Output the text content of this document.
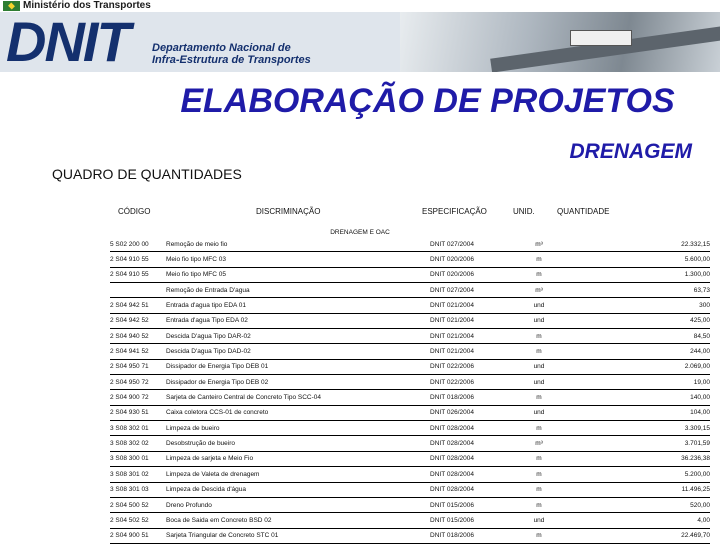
Ministério dos Transportes
DNIT Departamento Nacional de
Infra-Estrutura de Transportes
ELABORAÇÃO DE PROJETOS
DRENAGEM
QUADRO DE QUANTIDADES
CÓDIGO	DISCRIMINAÇÃO	ESPECIFICAÇÃO	UNID.	QUANTIDADE
DRENAGEM E OAC
5 S02 200 00	Remoção de meio fio	DNIT 027/2004	m³	22.332,15
2 S04 910 55	Meio fio tipo MFC 03	DNIT 020/2006	m	5.600,00
2 S04 910 55	Meio fio tipo MFC 05	DNIT 020/2006	m	1.300,00
	Remoção de Entrada D'agua	DNIT 027/2004	m³	63,73
2 S04 942 51	Entrada d'agua tipo EDA 01	DNIT 021/2004	und	300
2 S04 942 52	Entrada d'agua Tipo EDA 02	DNIT 021/2004	und	425,00
2 S04 940 52	Descida D'agua Tipo DAR-02	DNIT 021/2004	m	84,50
2 S04 941 52	Descida D'agua Tipo DAD-02	DNIT 021/2004	m	244,00
2 S04 950 71	Dissipador de Energia Tipo DEB 01	DNIT 022/2006	und	2.069,00
2 S04 950 72	Dissipador de Energia Tipo DEB 02	DNIT 022/2006	und	19,00
2 S04 900 72	Sarjeta de Canteiro Central de Concreto Tipo SCC-04	DNIT 018/2006	m	140,00
2 S04 930 51	Caixa coletora CCS-01 de concreto	DNIT 026/2004	und	104,00
3 S08 302 01	Limpeza de bueiro	DNIT 028/2004	m	3.309,15
3 S08 302 02	Desobstrução de bueiro	DNIT 028/2004	m³	3.701,59
3 S08 300 01	Limpeza de sarjeta e Meio Fio	DNIT 028/2004	m	36.236,38
3 S08 301 02	Limpeza de Valeta de drenagem	DNIT 028/2004	m	5.200,00
3 S08 301 03	Limpeza de Descida d'água	DNIT 028/2004	m	11.496,25
2 S04 500 52	Dreno Profundo	DNIT 015/2006	m	520,00
2 S04 502 52	Boca de Saida em Concreto BSD 02	DNIT 015/2006	und	4,00
2 S04 900 51	Sarjeta Triangular de Concreto STC 01	DNIT 018/2006	m	22.469,70
